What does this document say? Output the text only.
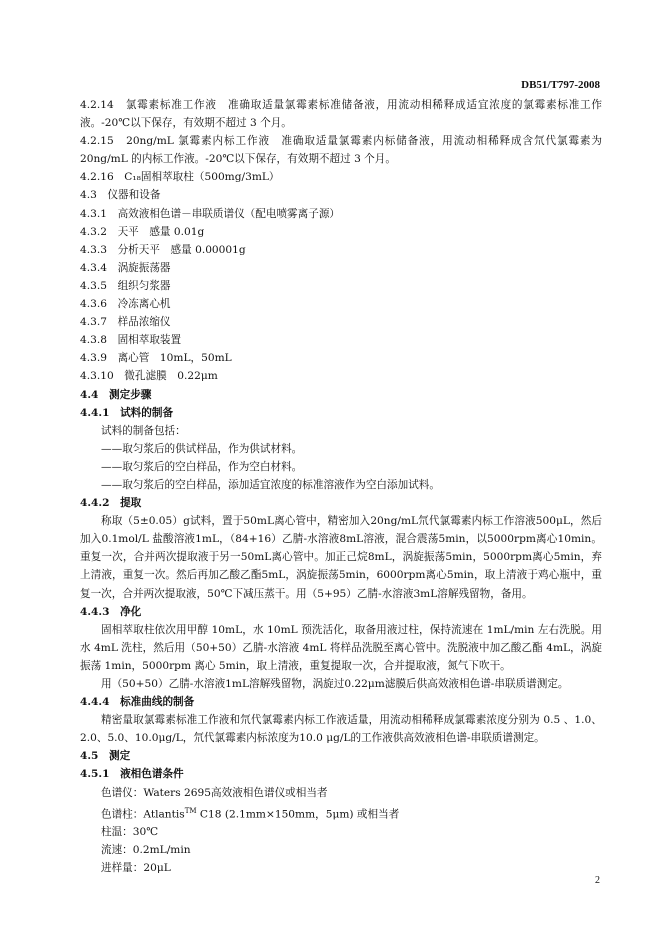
DB51/T797-2008
4.2.14　 氯霉素标准工作液　准确取适量氯霉素标准储备液，用流动相稀释成适宜浓度的氯霉素标准工作液。-20℃以下保存，有效期不超过 3 个月。
4.2.15　 20ng/mL 氯霉素内标工作液　准确取适量氯霉素内标储备液，用流动相稀释成含氘代氯霉素为 20ng/mL 的内标工作液。-20℃以下保存，有效期不超过 3 个月。
4.2.16　 C₁₈固相萃取柱（500mg/3mL）
4.3　 仪器和设备
4.3.1　 高效液相色谱－串联质谱仪（配电喷雾离子源）
4.3.2　 天平　感量 0.01g
4.3.3　 分析天平　感量 0.00001g
4.3.4　 涡旋振荡器
4.3.5　 组织匀浆器
4.3.6　 冷冻离心机
4.3.7　 样品浓缩仪
4.3.8　 固相萃取装置
4.3.9　 离心管　10mL，50mL
4.3.10　 微孔滤膜　0.22μm
4.4　 测定步骤
4.4.1　 试料的制备
试料的制备包括：
——取匀浆后的供试样品，作为供试材料。
——取匀浆后的空白样品，作为空白材料。
——取匀浆后的空白样品，添加适宜浓度的标准溶液作为空白添加试料。
4.4.2　 提取
称取（5±0.05）g试料，置于50mL离心管中，精密加入20ng/mL氘代氯霉素内标工作溶液500μL，然后加入0.1mol/L 盐酸溶液1mL，（84+16）乙腈-水溶液8mL溶液，混合震荡5min，以5000rpm离心10min。重复一次，合并两次提取液于另一50mL离心管中。加正己烷8mL，涡旋振荡5min，5000rpm离心5min，弃上清液，重复一次。然后再加乙酸乙酯5mL，涡旋振荡5min，6000rpm离心5min，取上清液于鸡心瓶中，重复一次，合并两次提取液，50℃下减压蒸干。用（5+95）乙腈-水溶液3mL溶解残留物，备用。
4.4.3　 净化
固相萃取柱依次用甲醇 10mL，水 10mL 预洗活化，取备用液过柱，保持流速在 1mL/min 左右洗脱。用水 4mL 洗柱，然后用（50+50）乙腈-水溶液 4mL 将样品洗脱至离心管中。洗脱液中加乙酸乙酯 4mL，涡旋振荡 1min，5000rpm 离心 5min，取上清液，重复提取一次，合并提取液，氮气下吹干。
用（50+50）乙腈-水溶液1mL溶解残留物，涡旋过0.22μm滤膜后供高效液相色谱-串联质谱测定。
4.4.4　 标准曲线的制备
精密量取氯霉素标准工作液和氘代氯霉素内标工作液适量，用流动相稀释成氯霉素浓度分别为 0.5 、1.0、2.0、5.0、10.0μg/L，氘代氯霉素内标浓度为10.0 μg/L的工作液供高效液相色谱-串联质谱测定。
4.5　 测定
4.5.1　 液相色谱条件
色谱仪：Waters 2695高效液相色谱仪或相当者
色谱柱：Atlantis™ C18 (2.1mm×150mm，5μm) 或相当者
柱温：30℃
流速：0.2mL/min
进样量：20μL
2
